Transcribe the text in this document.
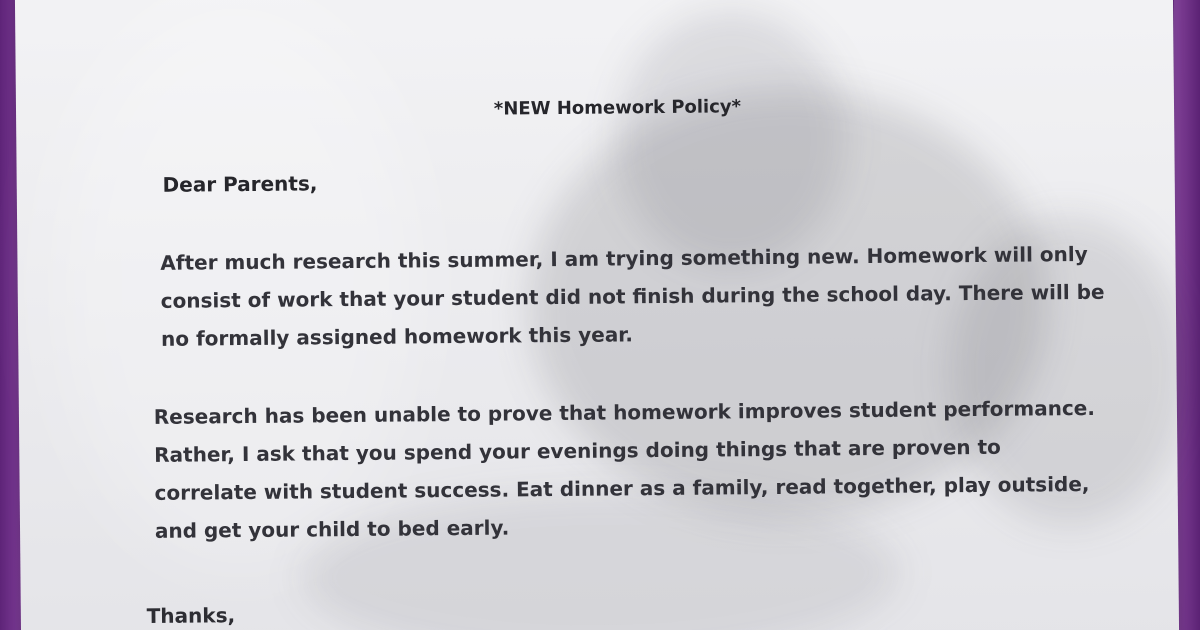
*NEW Homework Policy*
Dear Parents,
After much research this summer, I am trying something new. Homework will only
consist of work that your student did not finish during the school day. There will be
no formally assigned homework this year.
Research has been unable to prove that homework improves student performance.
Rather, I ask that you spend your evenings doing things that are proven to
correlate with student success. Eat dinner as a family, read together, play outside,
and get your child to bed early.
Thanks,
